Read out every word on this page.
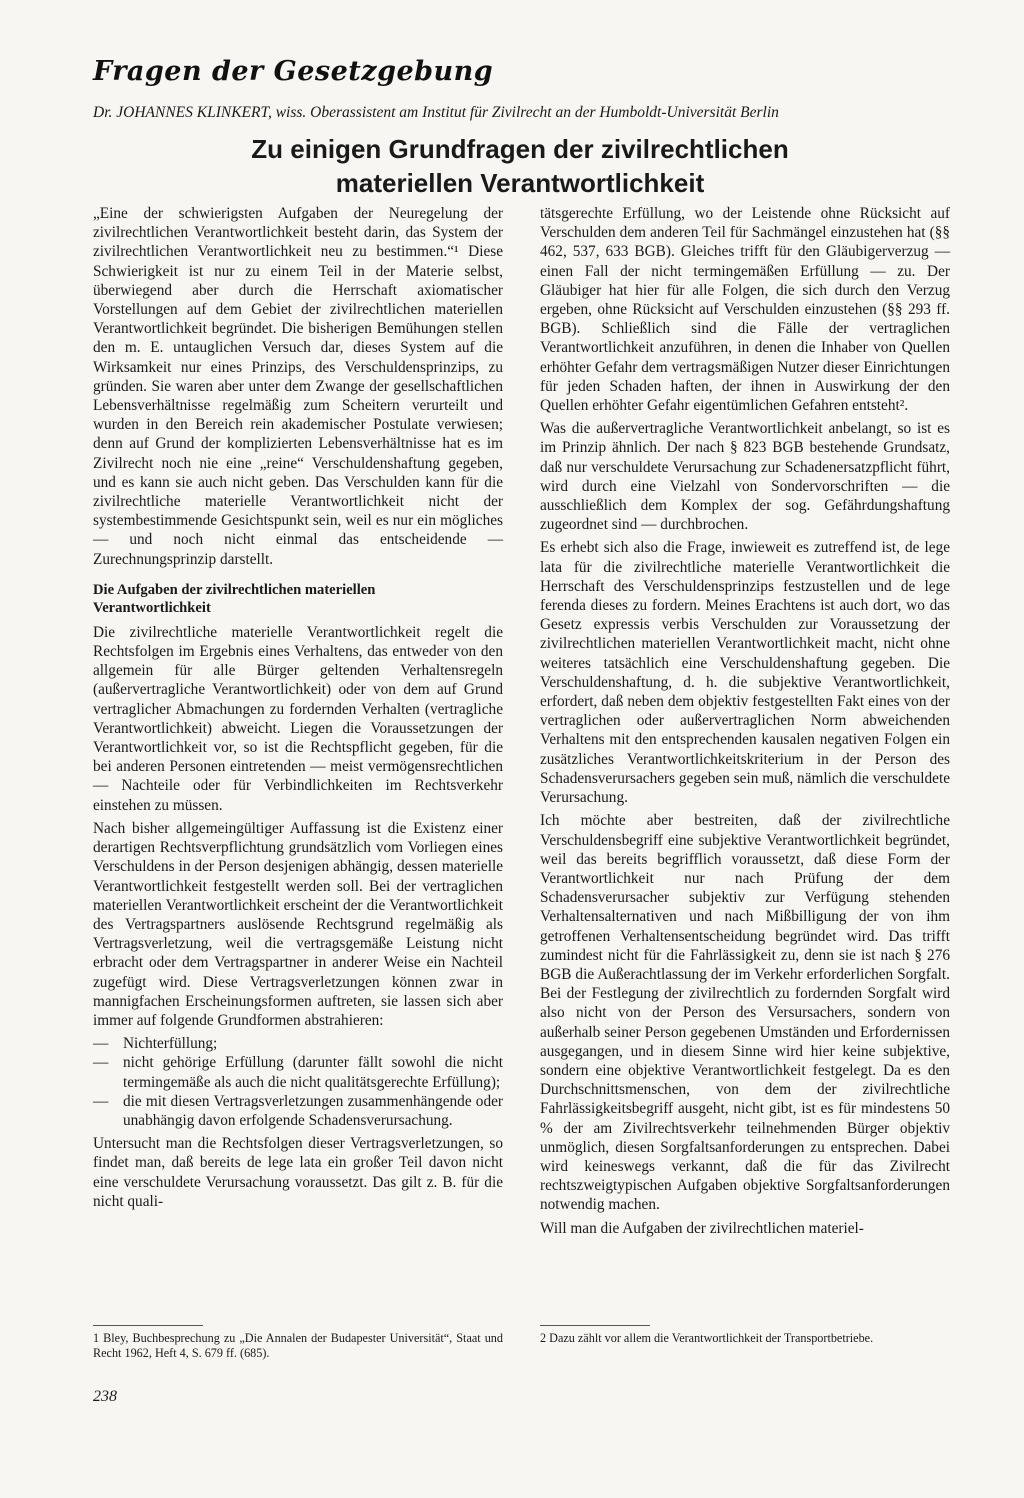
Fragen der Gesetzgebung

Dr. JOHANNES KLINKERT, wiss. Oberassistent am Institut für Zivilrecht an der Humboldt-Universität Berlin

Zu einigen Grundfragen der zivilrechtlichen
materiellen Verantwortlichkeit

„Eine der schwierigsten Aufgaben der Neuregelung der zivilrechtlichen Verantwortlichkeit besteht darin, das System der zivilrechtlichen Verantwortlichkeit neu zu bestimmen.“¹ Diese Schwierigkeit ist nur zu einem Teil in der Materie selbst, überwiegend aber durch die Herrschaft axiomatischer Vorstellungen auf dem Gebiet der zivilrechtlichen materiellen Verantwortlichkeit begründet. Die bisherigen Bemühungen stellen den m. E. untauglichen Versuch dar, dieses System auf die Wirksamkeit nur eines Prinzips, des Verschuldensprinzips, zu gründen. Sie waren aber unter dem Zwange der gesellschaftlichen Lebensverhältnisse regelmäßig zum Scheitern verurteilt und wurden in den Bereich rein akademischer Postulate verwiesen; denn auf Grund der komplizierten Lebensverhältnisse hat es im Zivilrecht noch nie eine „reine“ Verschuldenshaftung gegeben, und es kann sie auch nicht geben. Das Verschulden kann für die zivilrechtliche materielle Verantwortlichkeit nicht der systembestimmende Gesichtspunkt sein, weil es nur ein mögliches — und noch nicht einmal das entscheidende — Zurechnungsprinzip darstellt.

Die Aufgaben der zivilrechtlichen materiellen
Verantwortlichkeit

Die zivilrechtliche materielle Verantwortlichkeit regelt die Rechtsfolgen im Ergebnis eines Verhaltens, das entweder von den allgemein für alle Bürger geltenden Verhaltensregeln (außervertragliche Verantwortlichkeit) oder von dem auf Grund vertraglicher Abmachungen zu fordernden Verhalten (vertragliche Verantwortlichkeit) abweicht. Liegen die Voraussetzungen der Verantwortlichkeit vor, so ist die Rechtspflicht gegeben, für die bei anderen Personen eintretenden — meist vermögensrechtlichen — Nachteile oder für Verbindlichkeiten im Rechtsverkehr einstehen zu müssen.

Nach bisher allgemeingültiger Auffassung ist die Existenz einer derartigen Rechtsverpflichtung grundsätzlich vom Vorliegen eines Verschuldens in der Person desjenigen abhängig, dessen materielle Verantwortlichkeit festgestellt werden soll. Bei der vertraglichen materiellen Verantwortlichkeit erscheint der die Verantwortlichkeit des Vertragspartners auslösende Rechtsgrund regelmäßig als Vertragsverletzung, weil die vertragsgemäße Leistung nicht erbracht oder dem Vertragspartner in anderer Weise ein Nachteil zugefügt wird. Diese Vertragsverletzungen können zwar in mannigfachen Erscheinungsformen auftreten, sie lassen sich aber immer auf folgende Grundformen abstrahieren:

— Nichterfüllung;
— nicht gehörige Erfüllung (darunter fällt sowohl die nicht termingemäße als auch die nicht qualitätsgerechte Erfüllung);
— die mit diesen Vertragsverletzungen zusammenhängende oder unabhängig davon erfolgende Schadensverursachung.

Untersucht man die Rechtsfolgen dieser Vertragsverletzungen, so findet man, daß bereits de lege lata ein großer Teil davon nicht eine verschuldete Verursachung voraussetzt. Das gilt z. B. für die nicht quali-

tätsgerechte Erfüllung, wo der Leistende ohne Rücksicht auf Verschulden dem anderen Teil für Sachmängel einzustehen hat (§§ 462, 537, 633 BGB). Gleiches trifft für den Gläubigerverzug — einen Fall der nicht termingemäßen Erfüllung — zu. Der Gläubiger hat hier für alle Folgen, die sich durch den Verzug ergeben, ohne Rücksicht auf Verschulden einzustehen (§§ 293 ff. BGB). Schließlich sind die Fälle der vertraglichen Verantwortlichkeit anzuführen, in denen die Inhaber von Quellen erhöhter Gefahr dem vertragsmäßigen Nutzer dieser Einrichtungen für jeden Schaden haften, der ihnen in Auswirkung der den Quellen erhöhter Gefahr eigentümlichen Gefahren entsteht².

Was die außervertragliche Verantwortlichkeit anbelangt, so ist es im Prinzip ähnlich. Der nach § 823 BGB bestehende Grundsatz, daß nur verschuldete Verursachung zur Schadenersatzpflicht führt, wird durch eine Vielzahl von Sondervorschriften — die ausschließlich dem Komplex der sog. Gefährdungshaftung zugeordnet sind — durchbrochen.

Es erhebt sich also die Frage, inwieweit es zutreffend ist, de lege lata für die zivilrechtliche materielle Verantwortlichkeit die Herrschaft des Verschuldensprinzips festzustellen und de lege ferenda dieses zu fordern. Meines Erachtens ist auch dort, wo das Gesetz expressis verbis Verschulden zur Voraussetzung der zivilrechtlichen materiellen Verantwortlichkeit macht, nicht ohne weiteres tatsächlich eine Verschuldenshaftung gegeben. Die Verschuldenshaftung, d. h. die subjektive Verantwortlichkeit, erfordert, daß neben dem objektiv festgestellten Fakt eines von der vertraglichen oder außervertraglichen Norm abweichenden Verhaltens mit den entsprechenden kausalen negativen Folgen ein zusätzliches Verantwortlichkeitskriterium in der Person des Schadensverursachers gegeben sein muß, nämlich die verschuldete Verursachung.

Ich möchte aber bestreiten, daß der zivilrechtliche Verschuldensbegriff eine subjektive Verantwortlichkeit begründet, weil das bereits begrifflich voraussetzt, daß diese Form der Verantwortlichkeit nur nach Prüfung der dem Schadensverursacher subjektiv zur Verfügung stehenden Verhaltensalternativen und nach Mißbilligung der von ihm getroffenen Verhaltensentscheidung begründet wird. Das trifft zumindest nicht für die Fahrlässigkeit zu, denn sie ist nach § 276 BGB die Außerachtlassung der im Verkehr erforderlichen Sorgfalt. Bei der Festlegung der zivilrechtlich zu fordernden Sorgfalt wird also nicht von der Person des Versursachers, sondern von außerhalb seiner Person gegebenen Umständen und Erfordernissen ausgegangen, und in diesem Sinne wird hier keine subjektive, sondern eine objektive Verantwortlichkeit festgelegt. Da es den Durchschnittsmenschen, von dem der zivilrechtliche Fahrlässigkeitsbegriff ausgeht, nicht gibt, ist es für mindestens 50 % der am Zivilrechtsverkehr teilnehmenden Bürger objektiv unmöglich, diesen Sorgfaltsanforderungen zu entsprechen. Dabei wird keineswegs verkannt, daß die für das Zivilrecht rechtszweigtypischen Aufgaben objektive Sorgfaltsanforderungen notwendig machen.

Will man die Aufgaben der zivilrechtlichen materiel-

1 Bley, Buchbesprechung zu „Die Annalen der Budapester Universität“, Staat und Recht 1962, Heft 4, S. 679 ff. (685).

2 Dazu zählt vor allem die Verantwortlichkeit der Transportbetriebe.

238
